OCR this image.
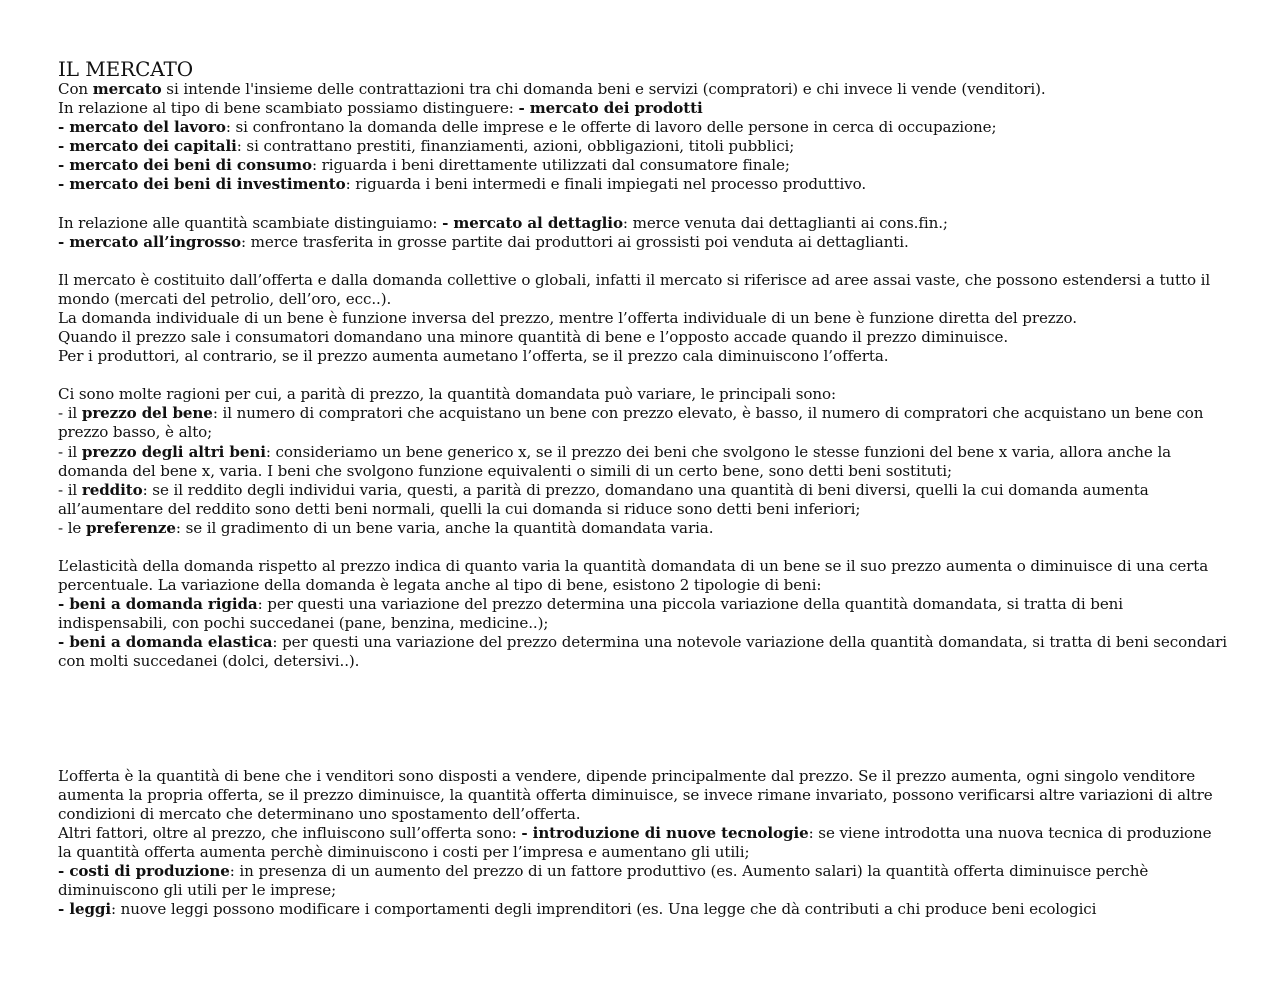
IL MERCATO

Con mercato si intende l'insieme delle contrattazioni tra chi domanda beni e servizi (compratori) e chi invece li vende (venditori).

In relazione al tipo di bene scambiato possiamo distinguere: - mercato dei prodotti

- mercato del lavoro: si confrontano la domanda delle imprese e le offerte di lavoro delle persone in cerca di occupazione;

- mercato dei capitali: si contrattano prestiti, finanziamenti, azioni, obbligazioni, titoli pubblici;

- mercato dei beni di consumo: riguarda i beni direttamente utilizzati dal consumatore finale;

- mercato dei beni di investimento: riguarda i beni intermedi e finali impiegati nel processo produttivo.

In relazione alle quantità scambiate distinguiamo: - mercato al dettaglio: merce venuta dai dettaglianti ai cons.fin.;

- mercato all’ingrosso: merce trasferita in grosse partite dai produttori ai grossisti poi venduta ai dettaglianti.

Il mercato è costituito dall’offerta e dalla domanda collettive o globali, infatti il mercato si riferisce ad aree assai vaste, che possono estendersi a tutto il mondo (mercati del petrolio, dell’oro, ecc..).

La domanda individuale di un bene è funzione inversa del prezzo, mentre l’offerta individuale di un bene è funzione diretta del prezzo.

Quando il prezzo sale i consumatori domandano una minore quantità di bene e l’opposto accade quando il prezzo diminuisce.

Per i produttori, al contrario, se il prezzo aumenta aumetano l’offerta, se il prezzo cala diminuiscono l’offerta.

Ci sono molte ragioni per cui, a parità di prezzo, la quantità domandata può variare, le principali sono:

- il prezzo del bene: il numero di compratori che acquistano un bene con prezzo elevato, è basso, il numero di compratori che acquistano un bene con prezzo basso, è alto;

- il prezzo degli altri beni: consideriamo un bene generico x, se il prezzo dei beni che svolgono le stesse funzioni del bene x varia, allora anche la domanda del bene x, varia. I beni che svolgono funzione equivalenti o simili di un certo bene, sono detti beni sostituti;

- il reddito: se il reddito degli individui varia, questi, a parità di prezzo, domandano una quantità di beni diversi, quelli la cui domanda aumenta all’aumentare del reddito sono detti beni normali, quelli la cui domanda si riduce sono detti beni inferiori;

- le preferenze: se il gradimento di un bene varia, anche la quantità domandata varia.

L’elasticità della domanda rispetto al prezzo indica di quanto varia la quantità domandata di un bene se il suo prezzo aumenta o diminuisce di una certa percentuale. La variazione della domanda è legata anche al tipo di bene, esistono 2 tipologie di beni:

- beni a domanda rigida: per questi una variazione del prezzo determina una piccola variazione della quantità domandata, si tratta di beni indispensabili, con pochi succedanei (pane, benzina, medicine..);

- beni a domanda elastica: per questi una variazione del prezzo determina una notevole variazione della quantità domandata, si tratta di beni secondari con molti succedanei (dolci, detersivi..).

L’offerta è la quantità di bene che i venditori sono disposti a vendere, dipende principalmente dal prezzo. Se il prezzo aumenta, ogni singolo venditore aumenta la propria offerta, se il prezzo diminuisce, la quantità offerta diminuisce, se invece rimane invariato, possono verificarsi altre variazioni di altre condizioni di mercato che determinano uno spostamento dell’offerta.

Altri fattori, oltre al prezzo, che influiscono sull’offerta sono: - introduzione di nuove tecnologie: se viene introdotta una nuova tecnica di produzione la quantità offerta aumenta perchè diminuiscono i costi per l’impresa e aumentano gli utili;

- costi di produzione: in presenza di un aumento del prezzo di un fattore produttivo (es. Aumento salari) la quantità offerta diminuisce perchè diminuiscono gli utili per le imprese;

- leggi: nuove leggi possono modificare i comportamenti degli imprenditori (es. Una legge che dà contributi a chi produce beni ecologici
